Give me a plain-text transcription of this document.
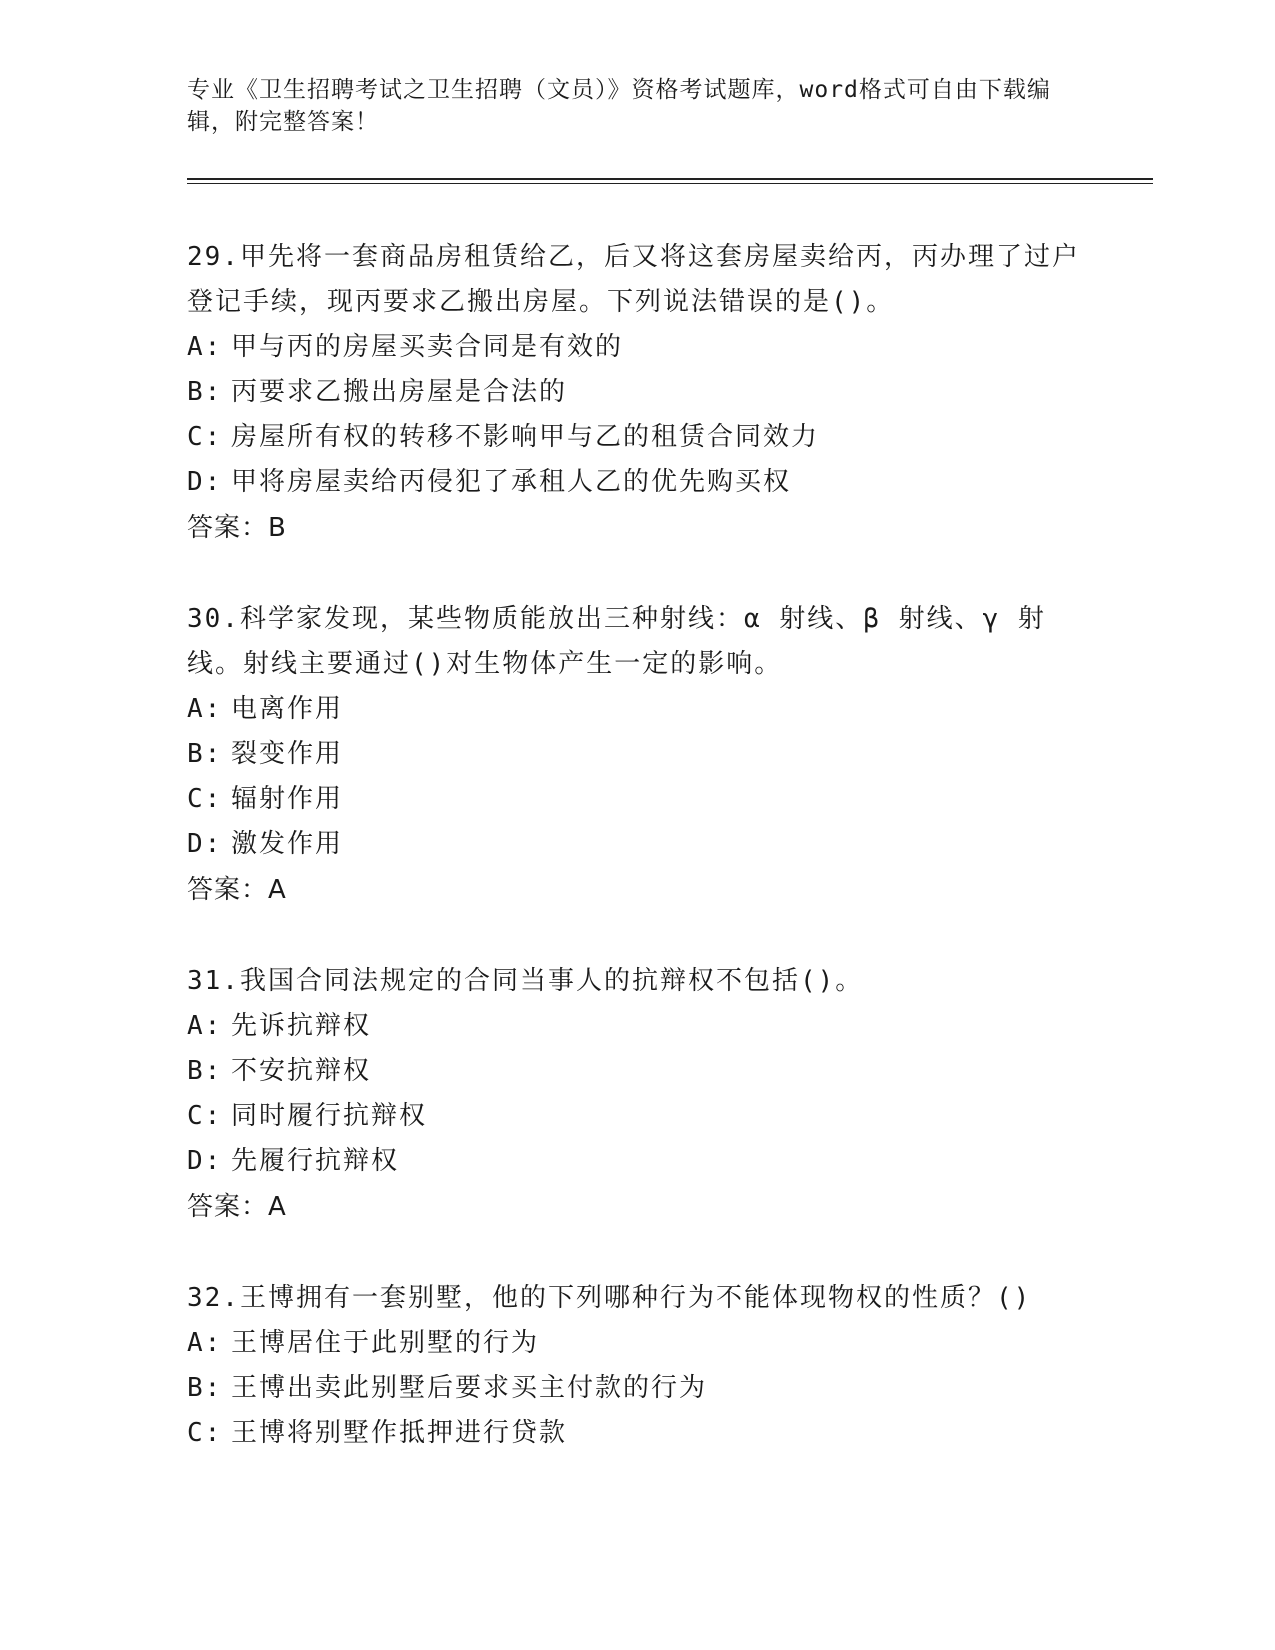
专业《卫生招聘考试之卫生招聘（文员）》资格考试题库，word格式可自由下载编辑，附完整答案！
29.甲先将一套商品房租赁给乙，后又将这套房屋卖给丙，丙办理了过户登记手续，现丙要求乙搬出房屋。下列说法错误的是()。
A: 甲与丙的房屋买卖合同是有效的
B: 丙要求乙搬出房屋是合法的
C: 房屋所有权的转移不影响甲与乙的租赁合同效力
D: 甲将房屋卖给丙侵犯了承租人乙的优先购买权
答案：B
30.科学家发现，某些物质能放出三种射线：α 射线、β 射线、γ 射线。射线主要通过()对生物体产生一定的影响。
A: 电离作用
B: 裂变作用
C: 辐射作用
D: 激发作用
答案：A
31.我国合同法规定的合同当事人的抗辩权不包括()。
A: 先诉抗辩权
B: 不安抗辩权
C: 同时履行抗辩权
D: 先履行抗辩权
答案：A
32.王博拥有一套别墅，他的下列哪种行为不能体现物权的性质？()
A: 王博居住于此别墅的行为
B: 王博出卖此别墅后要求买主付款的行为
C: 王博将别墅作抵押进行贷款
